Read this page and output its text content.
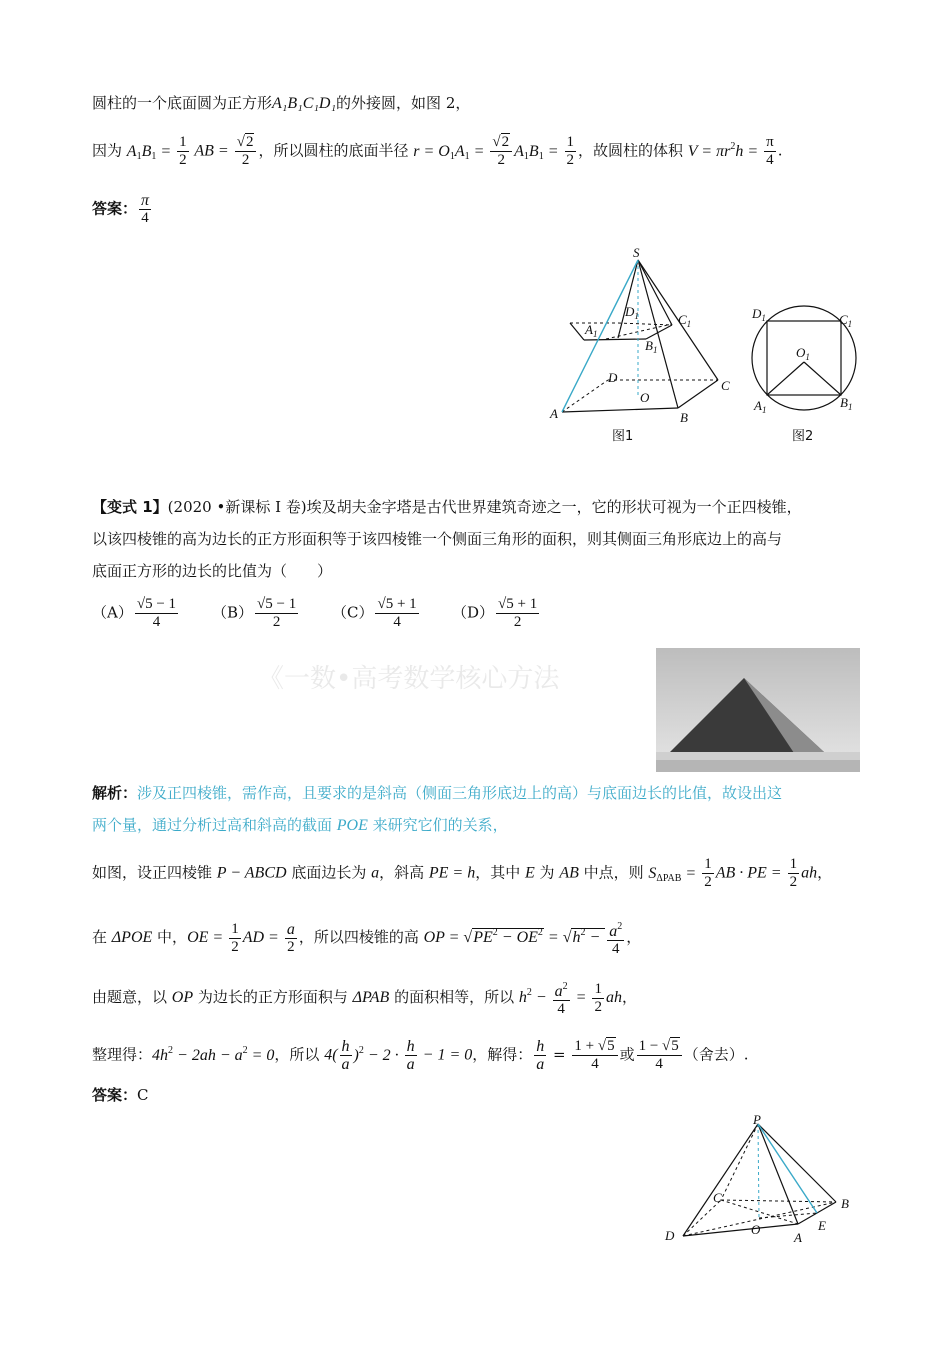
圆柱的一个底面圆为正方形A₁B₁C₁D₁的外接圆，如图 2，
因为 $A_1B_1 = \frac{1}{2}$ AB = $\frac{√2}{2}$ ，所以圆柱的底面半径 $r = O_1A_1 = \frac{√2}{2} A_1B_1 = \frac{1}{2}$ ，故圆柱的体积 $V = \pi r^2h = \frac{\pi}{4}$ .
答案： $\frac{\pi}{4}$
S
$A_1$
$D_1$	$C_1$
$B_1$
D
O
C
A	B
图1
$D_1$	$C_1$
$O_1$
$A_1$	$B_1$
图2
【变式 1】(2020 •新课标 I 卷)埃及胡夫金字塔是古代世界建筑奇迹之一，它的形状可视为一个正四棱锥，
以该四棱锥的高为边长的正方形面积等于该四棱锥一个侧面三角形的面积，则其侧面三角形底边上的高与
底面正方形的边长的比值为（　　）
$(A) \frac{√5 - 1}{4} (B) \frac{√5 - 1}{2} (C) \frac{√5 + 1}{4} (D) \frac{√5 + 1}{2}$
《一数•高考数学核心方法
解析：涉及正四棱锥，需作高，且要求的是斜高（侧面三角形底边上的高）与底面边长的比值，故设出这
两个量，通过分析过高和斜高的截面 POE 来研究它们的关系，
如图，设正四棱锥 P − ABCD 底面边长为 a，斜高 PE = h，其中 E 为 AB 中点，则 $S_{\Delta PAB} = \frac{1}{2}$ AB · PE = $\frac{1}{2}$ ah，
在 ΔPOE 中，OE = $\frac{1}{2}$ AD = $\frac{a}{2}$ ，所以四棱锥的高 OP = $√PE^2 - OE^2 = √h^2 - \frac{a^2}{4}$ ，
由题意，以 OP 为边长的正方形面积与 ΔPAB 的面积相等，所以 $h^2 - \frac{a^2}{4} = \frac{1}{2}$ ah，
整理得：$4h^2 - 2ah - a^2 = 0$，所以 $4( \frac{h}{a} )^2 - 2 \cdot \frac{h}{a} - 1 = 0$，解得： $\frac{h}{a} = \frac{1 + √5}{4}$ 或 $\frac{1 - √5}{4}$ （舍去）.
答案：C
P
C	B
O	E
A
D
